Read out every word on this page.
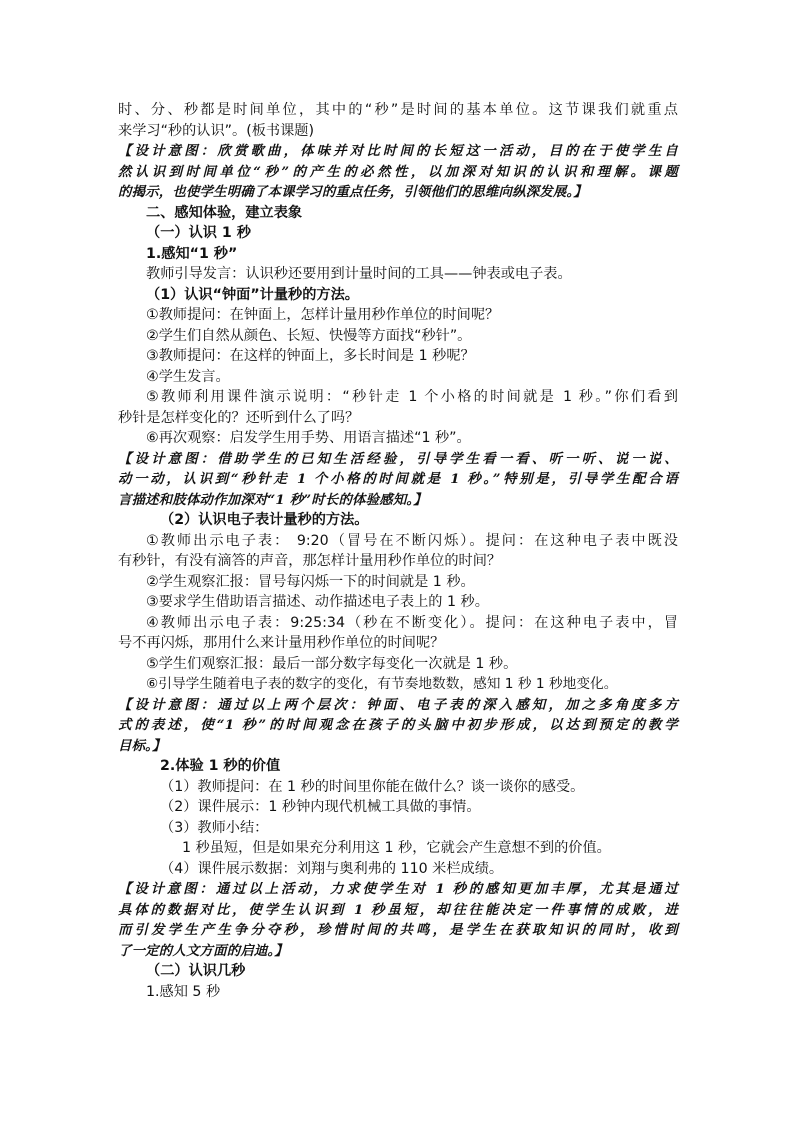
时、分、秒都是时间单位，其中的“秒”是时间的基本单位。这节课我们就重点

来学习“秒的认识”。(板书课题)

【设计意图：欣赏歌曲，体味并对比时间的长短这一活动，目的在于使学生自

然认识到时间单位“秒”的产生的必然性，以加深对知识的认识和理解。课题

的揭示，也使学生明确了本课学习的重点任务，引领他们的思维向纵深发展。】

二、感知体验，建立表象

（一）认识 1 秒

1.感知“1 秒”

教师引导发言：认识秒还要用到计量时间的工具——钟表或电子表。

（1）认识“钟面”计量秒的方法。

①教师提问：在钟面上，怎样计量用秒作单位的时间呢？

②学生们自然从颜色、长短、快慢等方面找“秒针”。

③教师提问：在这样的钟面上，多长时间是 1 秒呢？

④学生发言。

⑤教师利用课件演示说明：“秒针走 1 个小格的时间就是 1 秒。”你们看到

秒针是怎样变化的？还听到什么了吗？

⑥再次观察：启发学生用手势、用语言描述“1 秒”。

【设计意图：借助学生的已知生活经验，引导学生看一看、听一听、说一说、

动一动，认识到“秒针走 1 个小格的时间就是 1 秒。”特别是，引导学生配合语

言描述和肢体动作加深对“1 秒”时长的体验感知。】

（2）认识电子表计量秒的方法。

①教师出示电子表： 9:20（冒号在不断闪烁）。提问：在这种电子表中既没

有秒针，有没有滴答的声音，那怎样计量用秒作单位的时间？

②学生观察汇报：冒号每闪烁一下的时间就是 1 秒。

③要求学生借助语言描述、动作描述电子表上的 1 秒。

④教师出示电子表：9:25:34（秒在不断变化）。提问：在这种电子表中，冒

号不再闪烁，那用什么来计量用秒作单位的时间呢？

⑤学生们观察汇报：最后一部分数字每变化一次就是 1 秒。

⑥引导学生随着电子表的数字的变化，有节奏地数数，感知 1 秒 1 秒地变化。

【设计意图：通过以上两个层次：钟面、电子表的深入感知，加之多角度多方

式的表述，使“1 秒”的时间观念在孩子的头脑中初步形成，以达到预定的教学

目标。】

2.体验 1 秒的价值

（1）教师提问：在 1 秒的时间里你能在做什么？谈一谈你的感受。

（2）课件展示：1 秒钟内现代机械工具做的事情。

（3）教师小结：

1 秒虽短，但是如果充分利用这 1 秒，它就会产生意想不到的价值。

（4）课件展示数据：刘翔与奥利弗的 110 米栏成绩。

【设计意图：通过以上活动，力求使学生对 1 秒的感知更加丰厚，尤其是通过

具体的数据对比，使学生认识到 1 秒虽短，却往往能决定一件事情的成败，进

而引发学生产生争分夺秒，珍惜时间的共鸣，是学生在获取知识的同时，收到

了一定的人文方面的启迪。】

（二）认识几秒

1.感知 5 秒
